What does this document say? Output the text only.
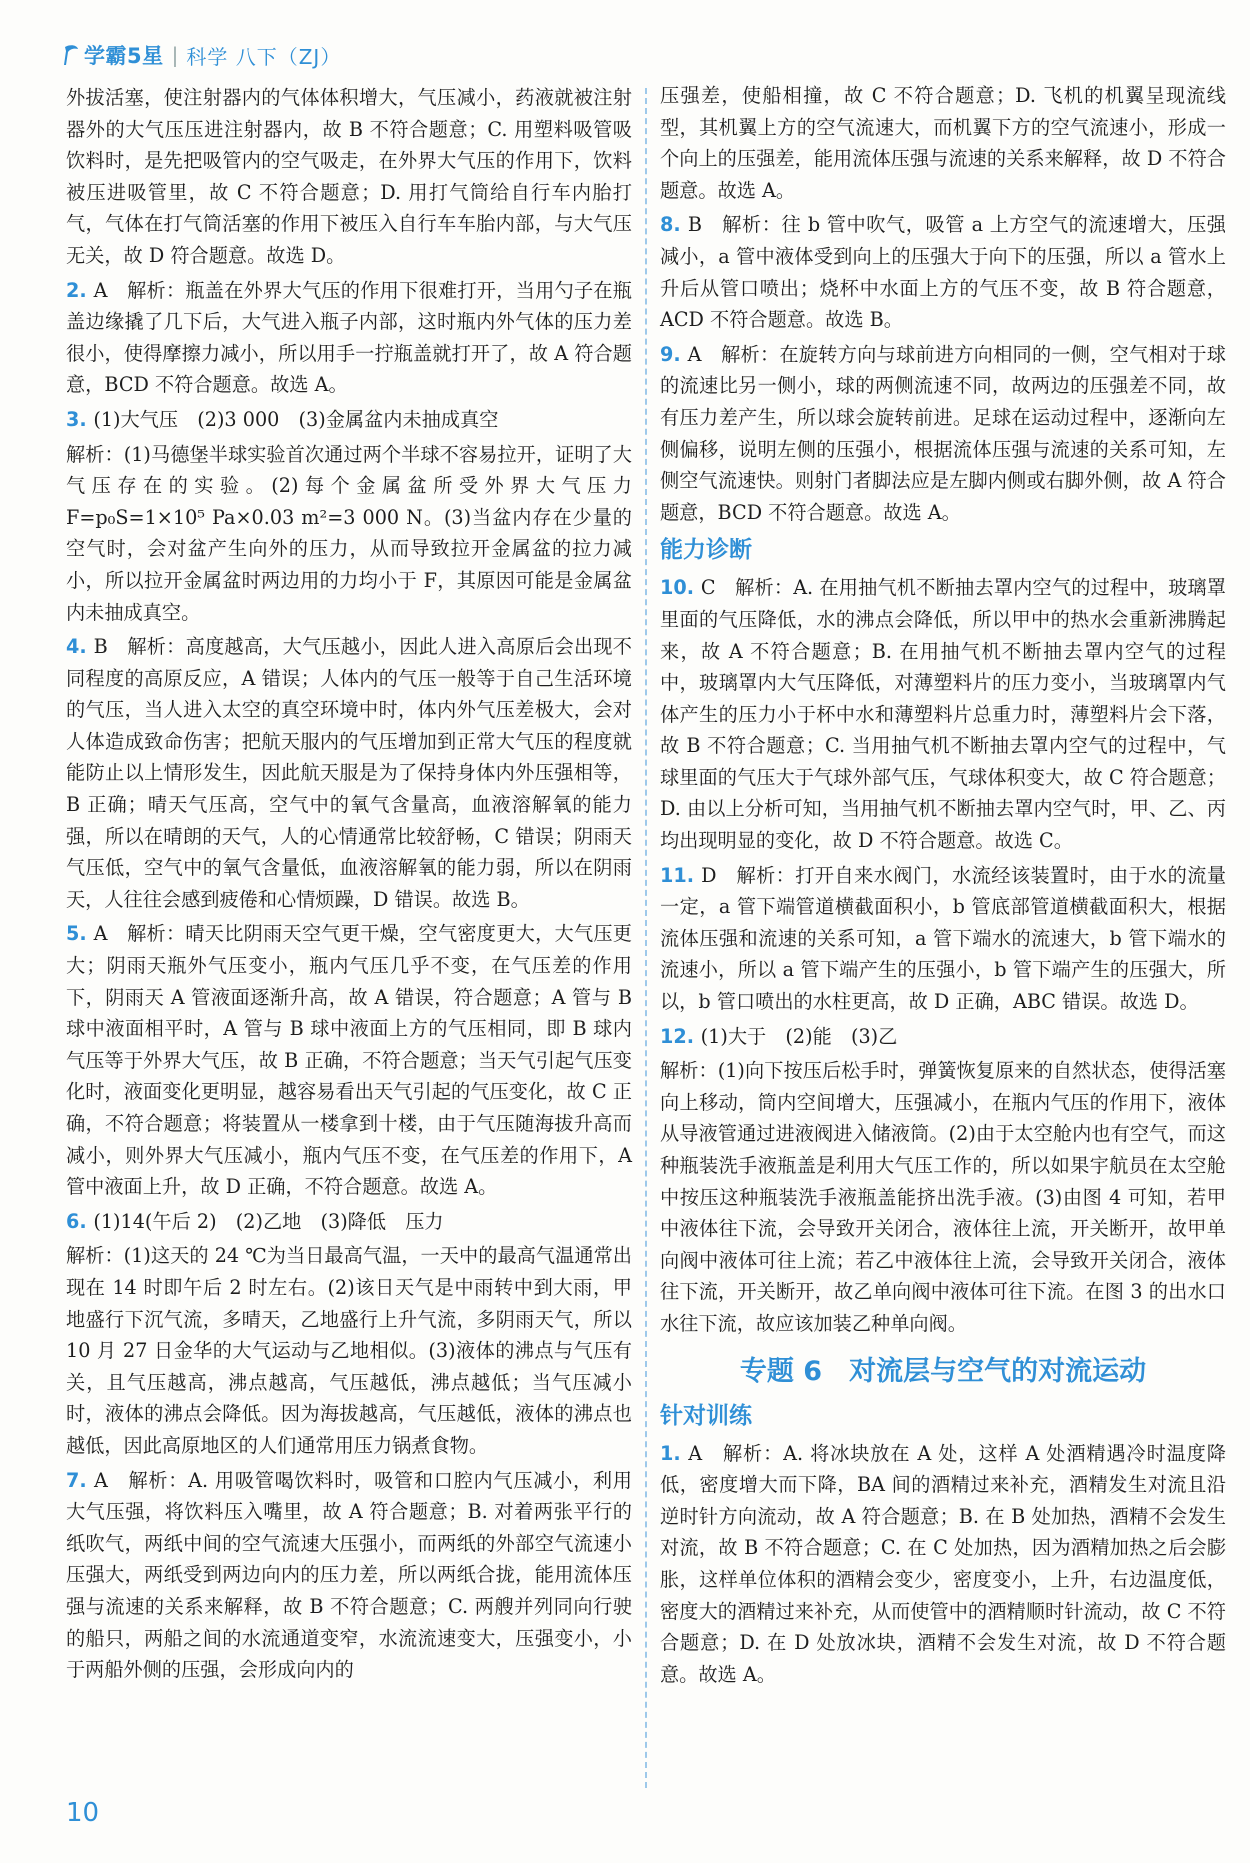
学霸5星 | 科学 八下（ZJ）
外拔活塞，使注射器内的气体体积增大，气压减小，药液就被注射器外的大气压压进注射器内，故 B 不符合题意；C. 用塑料吸管吸饮料时，是先把吸管内的空气吸走，在外界大气压的作用下，饮料被压进吸管里，故 C 不符合题意；D. 用打气筒给自行车内胎打气，气体在打气筒活塞的作用下被压入自行车车胎内部，与大气压无关，故 D 符合题意。故选 D。
2. A　解析：瓶盖在外界大气压的作用下很难打开，当用勺子在瓶盖边缘撬了几下后，大气进入瓶子内部，这时瓶内外气体的压力差很小，使得摩擦力减小，所以用手一拧瓶盖就打开了，故 A 符合题意，BCD 不符合题意。故选 A。
3. (1)大气压　(2)3 000　(3)金属盆内未抽成真空
解析：(1)马德堡半球实验首次通过两个半球不容易拉开，证明了大气压存在的实验。(2)每个金属盆所受外界大气压力 F=p₀S=1×10⁵ Pa×0.03 m²=3 000 N。(3)当盆内存在少量的空气时，会对盆产生向外的压力，从而导致拉开金属盆的拉力减小，所以拉开金属盆时两边用的力均小于 F，其原因可能是金属盆内未抽成真空。
4. B　解析：高度越高，大气压越小，因此人进入高原后会出现不同程度的高原反应，A 错误；人体内的气压一般等于自己生活环境的气压，当人进入太空的真空环境中时，体内外气压差极大，会对人体造成致命伤害；把航天服内的气压增加到正常大气压的程度就能防止以上情形发生，因此航天服是为了保持身体内外压强相等，B 正确；晴天气压高，空气中的氧气含量高，血液溶解氧的能力强，所以在晴朗的天气，人的心情通常比较舒畅，C 错误；阴雨天气压低，空气中的氧气含量低，血液溶解氧的能力弱，所以在阴雨天，人往往会感到疲倦和心情烦躁，D 错误。故选 B。
5. A　解析：晴天比阴雨天空气更干燥，空气密度更大，大气压更大；阴雨天瓶外气压变小，瓶内气压几乎不变，在气压差的作用下，阴雨天 A 管液面逐渐升高，故 A 错误，符合题意；A 管与 B 球中液面相平时，A 管与 B 球中液面上方的气压相同，即 B 球内气压等于外界大气压，故 B 正确，不符合题意；当天气引起气压变化时，液面变化更明显，越容易看出天气引起的气压变化，故 C 正确，不符合题意；将装置从一楼拿到十楼，由于气压随海拔升高而减小，则外界大气压减小，瓶内气压不变，在气压差的作用下，A 管中液面上升，故 D 正确，不符合题意。故选 A。
6. (1)14(午后 2)　(2)乙地　(3)降低　压力
解析：(1)这天的 24 ℃为当日最高气温，一天中的最高气温通常出现在 14 时即午后 2 时左右。(2)该日天气是中雨转中到大雨，甲地盛行下沉气流，多晴天，乙地盛行上升气流，多阴雨天气，所以 10 月 27 日金华的大气运动与乙地相似。(3)液体的沸点与气压有关，且气压越高，沸点越高，气压越低，沸点越低；当气压减小时，液体的沸点会降低。因为海拔越高，气压越低，液体的沸点也越低，因此高原地区的人们通常用压力锅煮食物。
7. A　解析：A. 用吸管喝饮料时，吸管和口腔内气压减小，利用大气压强，将饮料压入嘴里，故 A 符合题意；B. 对着两张平行的纸吹气，两纸中间的空气流速大压强小，而两纸的外部空气流速小压强大，两纸受到两边向内的压力差，所以两纸合拢，能用流体压强与流速的关系来解释，故 B 不符合题意；C. 两艘并列同向行驶的船只，两船之间的水流通道变窄，水流流速变大，压强变小，小于两船外侧的压强，会形成向内的
压强差，使船相撞，故 C 不符合题意；D. 飞机的机翼呈现流线型，其机翼上方的空气流速大，而机翼下方的空气流速小，形成一个向上的压强差，能用流体压强与流速的关系来解释，故 D 不符合题意。故选 A。
8. B　解析：往 b 管中吹气，吸管 a 上方空气的流速增大，压强减小，a 管中液体受到向上的压强大于向下的压强，所以 a 管水上升后从管口喷出；烧杯中水面上方的气压不变，故 B 符合题意，ACD 不符合题意。故选 B。
9. A　解析：在旋转方向与球前进方向相同的一侧，空气相对于球的流速比另一侧小，球的两侧流速不同，故两边的压强差不同，故有压力差产生，所以球会旋转前进。足球在运动过程中，逐渐向左侧偏移，说明左侧的压强小，根据流体压强与流速的关系可知，左侧空气流速快。则射门者脚法应是左脚内侧或右脚外侧，故 A 符合题意，BCD 不符合题意。故选 A。
能力诊断
10. C　解析：A. 在用抽气机不断抽去罩内空气的过程中，玻璃罩里面的气压降低，水的沸点会降低，所以甲中的热水会重新沸腾起来，故 A 不符合题意；B. 在用抽气机不断抽去罩内空气的过程中，玻璃罩内大气压降低，对薄塑料片的压力变小，当玻璃罩内气体产生的压力小于杯中水和薄塑料片总重力时，薄塑料片会下落，故 B 不符合题意；C. 当用抽气机不断抽去罩内空气的过程中，气球里面的气压大于气球外部气压，气球体积变大，故 C 符合题意；D. 由以上分析可知，当用抽气机不断抽去罩内空气时，甲、乙、丙均出现明显的变化，故 D 不符合题意。故选 C。
11. D　解析：打开自来水阀门，水流经该装置时，由于水的流量一定，a 管下端管道横截面积小，b 管底部管道横截面积大，根据流体压强和流速的关系可知，a 管下端水的流速大，b 管下端水的流速小，所以 a 管下端产生的压强小，b 管下端产生的压强大，所以，b 管口喷出的水柱更高，故 D 正确，ABC 错误。故选 D。
12. (1)大于　(2)能　(3)乙
解析：(1)向下按压后松手时，弹簧恢复原来的自然状态，使得活塞向上移动，筒内空间增大，压强减小，在瓶内气压的作用下，液体从导液管通过进液阀进入储液筒。(2)由于太空舱内也有空气，而这种瓶装洗手液瓶盖是利用大气压工作的，所以如果宇航员在太空舱中按压这种瓶装洗手液瓶盖能挤出洗手液。(3)由图 4 可知，若甲中液体往下流，会导致开关闭合，液体往上流，开关断开，故甲单向阀中液体可往上流；若乙中液体往上流，会导致开关闭合，液体往下流，开关断开，故乙单向阀中液体可往下流。在图 3 的出水口水往下流，故应该加装乙种单向阀。
专题 6　对流层与空气的对流运动
针对训练
1. A　解析：A. 将冰块放在 A 处，这样 A 处酒精遇冷时温度降低，密度增大而下降，BA 间的酒精过来补充，酒精发生对流且沿逆时针方向流动，故 A 符合题意；B. 在 B 处加热，酒精不会发生对流，故 B 不符合题意；C. 在 C 处加热，因为酒精加热之后会膨胀，这样单位体积的酒精会变少，密度变小，上升，右边温度低，密度大的酒精过来补充，从而使管中的酒精顺时针流动，故 C 不符合题意；D. 在 D 处放冰块，酒精不会发生对流，故 D 不符合题意。故选 A。
10
